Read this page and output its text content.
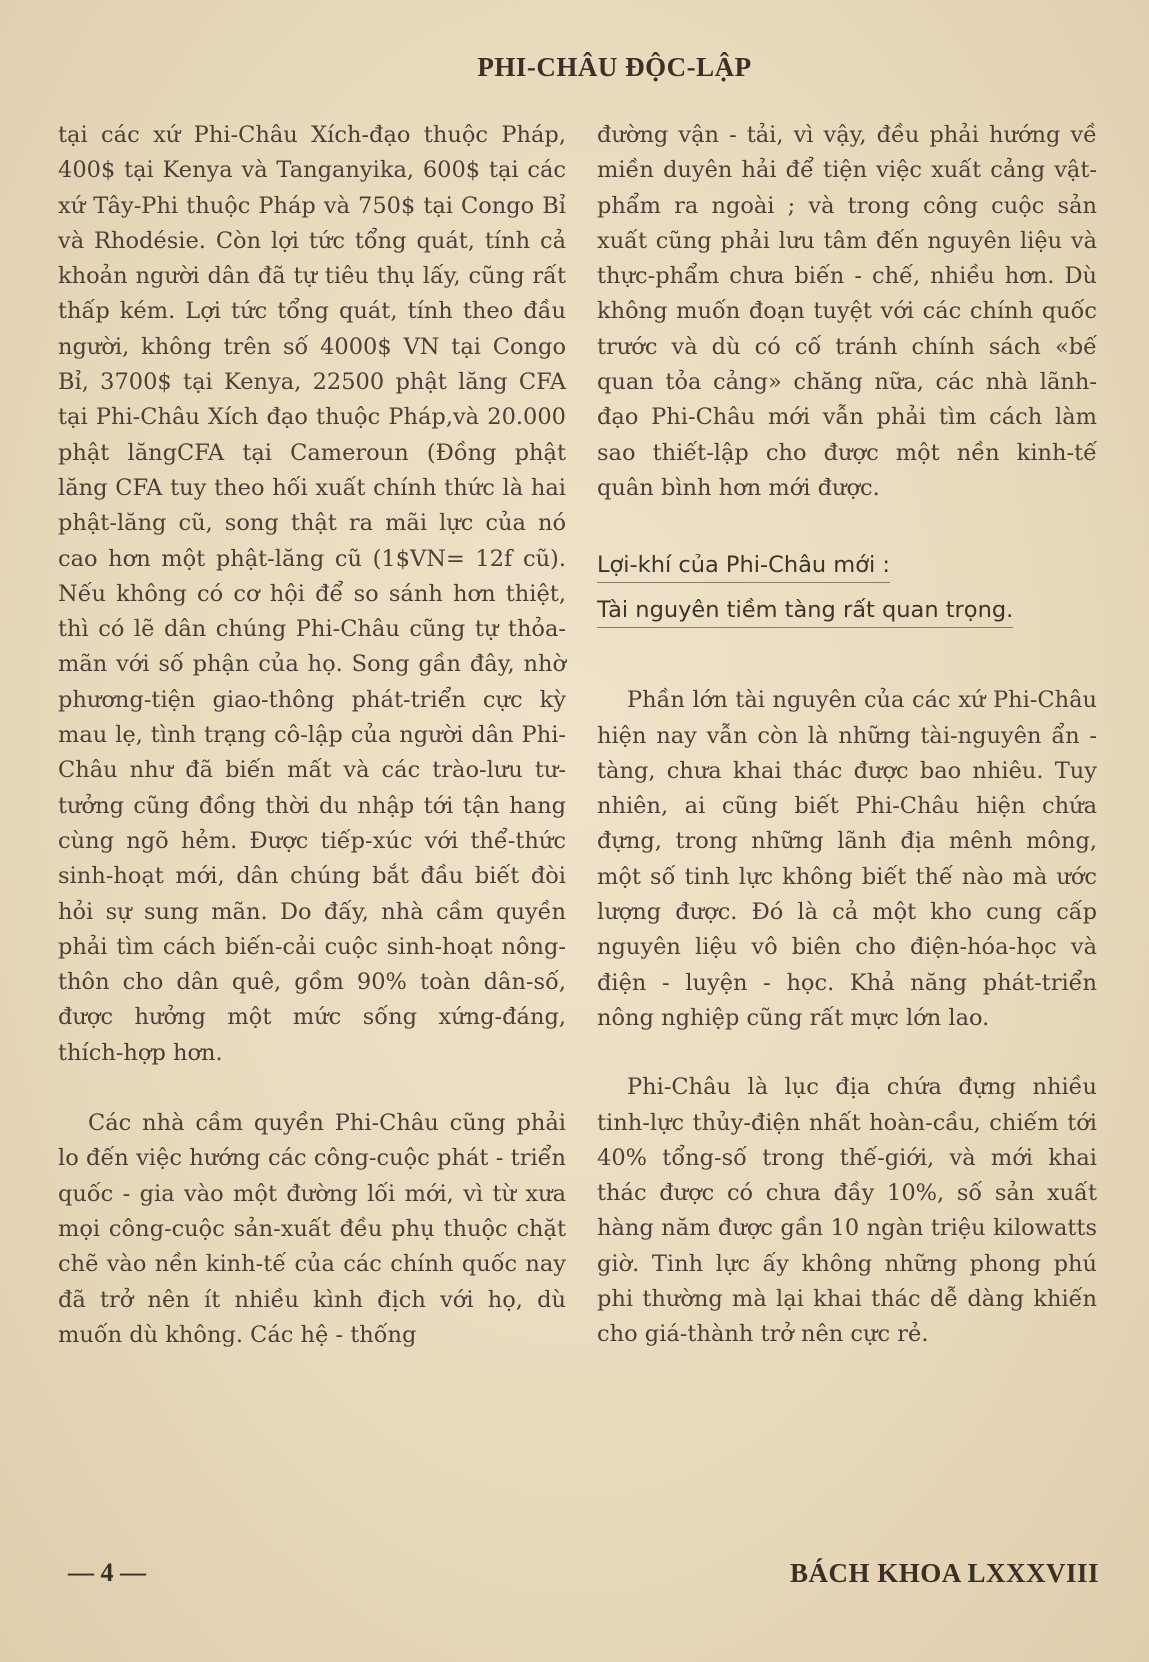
PHI-CHÂU ĐỘC-LẬP

tại các xứ Phi-Châu Xích-đạo thuộc Pháp, 400$ tại Kenya và Tanganyika, 600$ tại các xứ Tây-Phi thuộc Pháp và 750$ tại Congo Bỉ và Rhodésie. Còn lợi tức tổng quát, tính cả khoản người dân đã tự tiêu thụ lấy, cũng rất thấp kém. Lợi tức tổng quát, tính theo đầu người, không trên số 4000$ VN tại Congo Bỉ, 3700$ tại Kenya, 22500 phật lăng CFA tại Phi-Châu Xích đạo thuộc Pháp,và 20.000 phật lăngCFA tại Cameroun (Đồng phật lăng CFA tuy theo hối xuất chính thức là hai phật-lăng cũ, song thật ra mãi lực của nó cao hơn một phật-lăng cũ (1$VN= 12f cũ). Nếu không có cơ hội để so sánh hơn thiệt, thì có lẽ dân chúng Phi-Châu cũng tự thỏa-mãn với số phận của họ. Song gần đây, nhờ phương-tiện giao-thông phát-triển cực kỳ mau lẹ, tình trạng cô-lập của người dân Phi-Châu như đã biến mất và các trào-lưu tư-tưởng cũng đồng thời du nhập tới tận hang cùng ngõ hẻm. Được tiếp-xúc với thể-thức sinh-hoạt mới, dân chúng bắt đầu biết đòi hỏi sự sung mãn. Do đấy, nhà cầm quyền phải tìm cách biến-cải cuộc sinh-hoạt nông-thôn cho dân quê, gồm 90% toàn dân-số, được hưởng một mức sống xứng-đáng, thích-hợp hơn.

Các nhà cầm quyền Phi-Châu cũng phải lo đến việc hướng các công-cuộc phát - triển quốc - gia vào một đường lối mới, vì từ xưa mọi công-cuộc sản-xuất đều phụ thuộc chặt chẽ vào nền kinh-tế của các chính quốc nay đã trở nên ít nhiều kình địch với họ, dù muốn dù không. Các hệ - thống

đường vận - tải, vì vậy, đều phải hướng về miền duyên hải để tiện việc xuất cảng vật-phẩm ra ngoài ; và trong công cuộc sản xuất cũng phải lưu tâm đến nguyên liệu và thực-phẩm chưa biến - chế, nhiều hơn. Dù không muốn đoạn tuyệt với các chính quốc trước và dù có cố tránh chính sách «bế quan tỏa cảng» chăng nữa, các nhà lãnh-đạo Phi-Châu mới vẫn phải tìm cách làm sao thiết-lập cho được một nền kinh-tế quân bình hơn mới được.

Lợi-khí của Phi-Châu mới :

Tài nguyên tiềm tàng rất quan trọng.

Phần lớn tài nguyên của các xứ Phi-Châu hiện nay vẫn còn là những tài-nguyên ẩn - tàng, chưa khai thác được bao nhiêu. Tuy nhiên, ai cũng biết Phi-Châu hiện chứa đựng, trong những lãnh địa mênh mông, một số tinh lực không biết thế nào mà ước lượng được. Đó là cả một kho cung cấp nguyên liệu vô biên cho điện-hóa-học và điện - luyện - học. Khả năng phát-triển nông nghiệp cũng rất mực lớn lao.

Phi-Châu là lục địa chứa đựng nhiều tinh-lực thủy-điện nhất hoàn-cầu, chiếm tới 40% tổng-số trong thế-giới, và mới khai thác được có chưa đầy 10%, số sản xuất hàng năm được gần 10 ngàn triệu kilowatts giờ. Tinh lực ấy không những phong phú phi thường mà lại khai thác dễ dàng khiến cho giá-thành trở nên cực rẻ.

— 4 —	BÁCH KHOA LXXXVIII
